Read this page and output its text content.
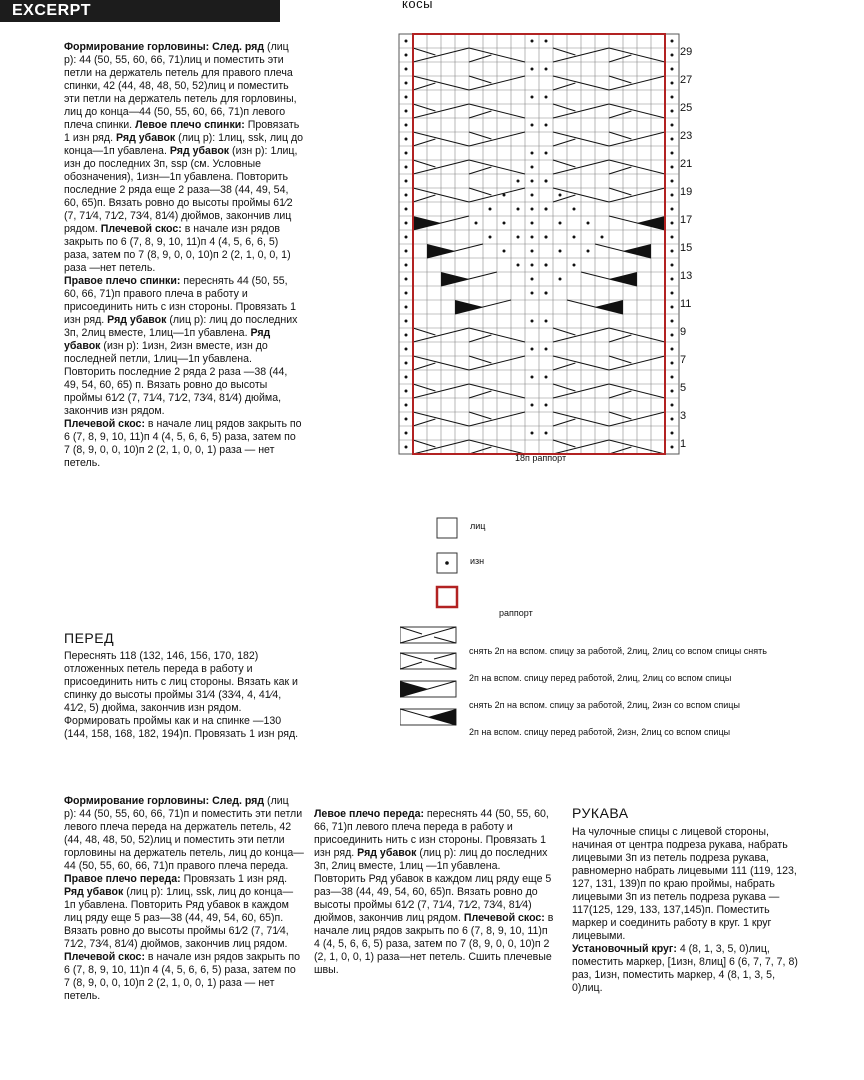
EXCERPT	косы

Формирование горловины: След. ряд (лиц р): 44 (50, 55, 60, 66, 71)лиц и поместить эти петли на держатель петель для правого плеча спинки, 42 (44, 48, 48, 50, 52)лиц и поместить эти петли на держатель петель для горловины, лиц до конца—44 (50, 55, 60, 66, 71)п левого плеча спинки. Левое плечо спинки: Провязать 1 изн ряд. Ряд убавок (лиц р): 1лиц, ssk, лиц до конца—1п убавлена. Ряд убавок (изн р): 1лиц, изн до последних 3п, ssp (см. Условные обозначения), 1изн—1п убавлена. Повторить последние 2 ряда еще 2 раза—38 (44, 49, 54, 60, 65)п. Вязать ровно до высоты проймы 61⁄2 (7, 71⁄4, 71⁄2, 73⁄4, 81⁄4) дюймов, закончив лиц рядом. Плечевой скос: в начале изн рядов закрыть по 6 (7, 8, 9, 10, 11)п 4 (4, 5, 6, 6, 5) раза, затем по 7 (8, 9, 0, 0, 10)п 2 (2, 1, 0, 0, 1) раза —нет петель.

Правое плечо спинки: переснять 44 (50, 55, 60, 66, 71)п правого плеча в работу и присоединить нить с изн стороны. Провязать 1 изн ряд. Ряд убавок (лиц р): лиц до последних 3п, 2лиц вместе, 1лиц—1п убавлена. Ряд убавок (изн р): 1изн, 2изн вместе, изн до последней петли, 1лиц—1п убавлена. Повторить последние 2 ряда 2 раза —38 (44, 49, 54, 60, 65) п. Вязать ровно до высоты проймы 61⁄2 (7, 71⁄4, 71⁄2, 73⁄4, 81⁄4) дюйма, закончив изн рядом.

Плечевой скос: в начале лиц рядов закрыть по 6 (7, 8, 9, 10, 11)п 4 (4, 5, 6, 6, 5) раза, затем по 7 (8, 9, 0, 0, 10)п 2 (2, 1, 0, 0, 1) раза — нет петель.

ПЕРЕД

Переснять 118 (132, 146, 156, 170, 182) отложенных петель переда в работу и присоединить нить с лиц стороны. Вязать как и спинку до высоты проймы 31⁄4 (33⁄4, 4, 41⁄4, 41⁄2, 5) дюйма, закончив изн рядом. Формировать проймы как и на спинке —130 (144, 158, 168, 182, 194)п. Провязать 1 изн ряд.

Формирование горловины: След. ряд (лиц р): 44 (50, 55, 60, 66, 71)п и поместить эти петли левого плеча переда на держатель петель, 42 (44, 48, 48, 50, 52)лиц и поместить эти петли горловины на держатель петель, лиц до конца—44 (50, 55, 60, 66, 71)п правого плеча переда. Правое плечо переда: Провязать 1 изн ряд. Ряд убавок (лиц р): 1лиц, ssk, лиц до конца—1п убавлена. Повторить Ряд убавок в каждом лиц ряду еще 5 раз—38 (44, 49, 54, 60, 65)п. Вязать ровно до высоты проймы 61⁄2 (7, 71⁄4, 71⁄2, 73⁄4, 81⁄4) дюймов, закончив лиц рядом. Плечевой скос: в начале изн рядов закрыть по 6 (7, 8, 9, 10, 11)п 4 (4, 5, 6, 6, 5) раза, затем по 7 (8, 9, 0, 0, 10)п 2 (2, 1, 0, 0, 1) раза — нет петель.

Левое плечо переда: переснять 44 (50, 55, 60, 66, 71)п левого плеча переда в работу и присоединить нить с изн стороны. Провязать 1 изн ряд. Ряд убавок (лиц р): лиц до последних 3п, 2лиц вместе, 1лиц —1п убавлена. Повторить Ряд убавок в каждом лиц ряду еще 5 раз—38 (44, 49, 54, 60, 65)п. Вязать ровно до высоты проймы 61⁄2 (7, 71⁄4, 71⁄2, 73⁄4, 81⁄4) дюймов, закончив лиц рядом. Плечевой скос: в начале лиц рядов закрыть по 6 (7, 8, 9, 10, 11)п 4 (4, 5, 6, 6, 5) раза, затем по 7 (8, 9, 0, 0, 10)п 2 (2, 1, 0, 0, 1) раза—нет петель. Сшить плечевые швы.

РУКАВА

На чулочные спицы с лицевой стороны, начиная от центра подреза рукава, набрать лицевыми 3п из петель подреза рукава, равномерно набрать лицевыми 111 (119, 123, 127, 131, 139)п по краю проймы, набрать лицевыми 3п из петель подреза рукава —117(125, 129, 133, 137,145)п. Поместить маркер и соединить работу в круг. 1 круг лицевыми.

Установочный круг: 4 (8, 1, 3, 5, 0)лиц, поместить маркер, [1изн, 8лиц] 6 (6, 7, 7, 7, 8) раз, 1изн, поместить маркер, 4 (8, 1, 3, 5, 0)лиц.

29
27
25
23
21
19
17
15
13
11
9
7
5
3
1
18п раппорт
лиц
изн
раппорт
снять 2п на вспом. спицу за работой, 2лиц, 2лиц со вспом спицы снять
2п на вспом. спицу перед работой, 2лиц, 2лиц со вспом спицы
снять 2п на вспом. спицу за работой, 2лиц, 2изн со вспом спицы
2п на вспом. спицу перед работой, 2изн, 2лиц со вспом спицы
